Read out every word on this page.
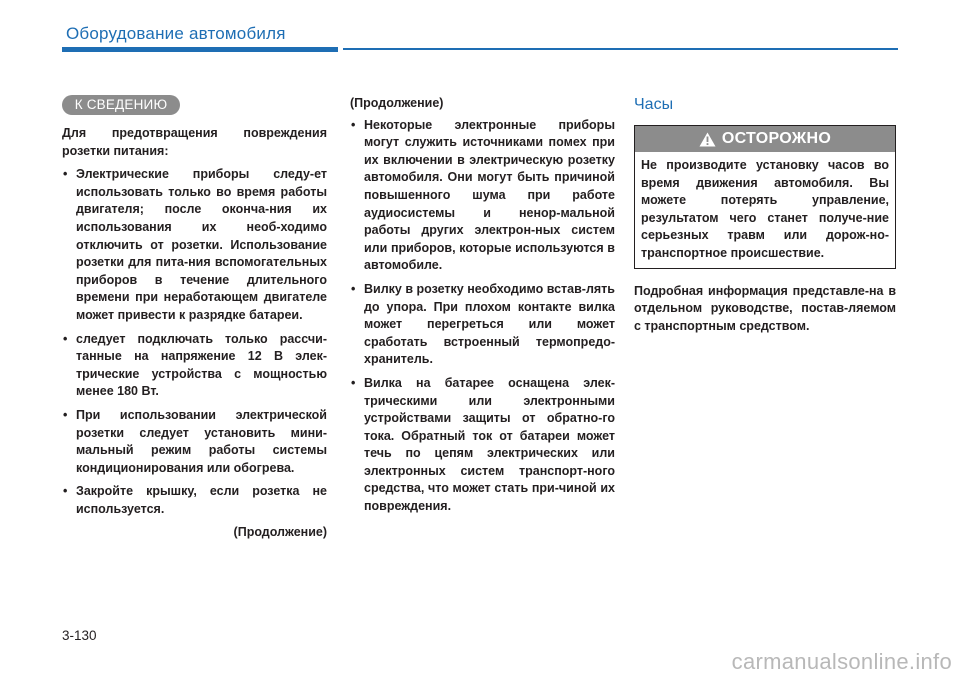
Оборудование автомобиля
К СВЕДЕНИЮ

Для предотвращения повреждения розетки питания:

• Электрические приборы следу-ет использовать только во время работы двигателя; после оконча-ния их использования их необ-ходимо отключить от розетки. Использование розетки для пита-ния вспомогательных приборов в течение длительного времени при неработающем двигателе может привести к разрядке батареи.
• следует подключать только рассчи-танные на напряжение 12 В элек-трические устройства с мощностью менее 180 Вт.
• При использовании электрической розетки следует установить мини-мальный режим работы системы кондиционирования или обогрева.
• Закройте крышку, если розетка не используется.

(Продолжение)

(Продолжение)

• Некоторые электронные приборы могут служить источниками помех при их включении в электрическую розетку автомобиля. Они могут быть причиной повышенного шума при работе аудиосистемы и ненор-мальной работы других электрон-ных систем или приборов, которые используются в автомобиле.
• Вилку в розетку необходимо встав-лять до упора. При плохом контакте вилка может перегреться или может сработать встроенный термопредо-хранитель.
• Вилка на батарее оснащена элек-трическими или электронными устройствами защиты от обратно-го тока. Обратный ток от батареи может течь по цепям электрических или электронных систем транспорт-ного средства, что может стать при-чиной их повреждения.
Часы
ОСТОРОЖНО
Не производите установку часов во время движения автомобиля. Вы можете потерять управление, результатом чего станет получе-ние серьезных травм или дорож-но-транспортное происшествие.

Подробная информация представле-на в отдельном руководстве, постав-ляемом с транспортным средством.

3-130
carmanualsonline.info
